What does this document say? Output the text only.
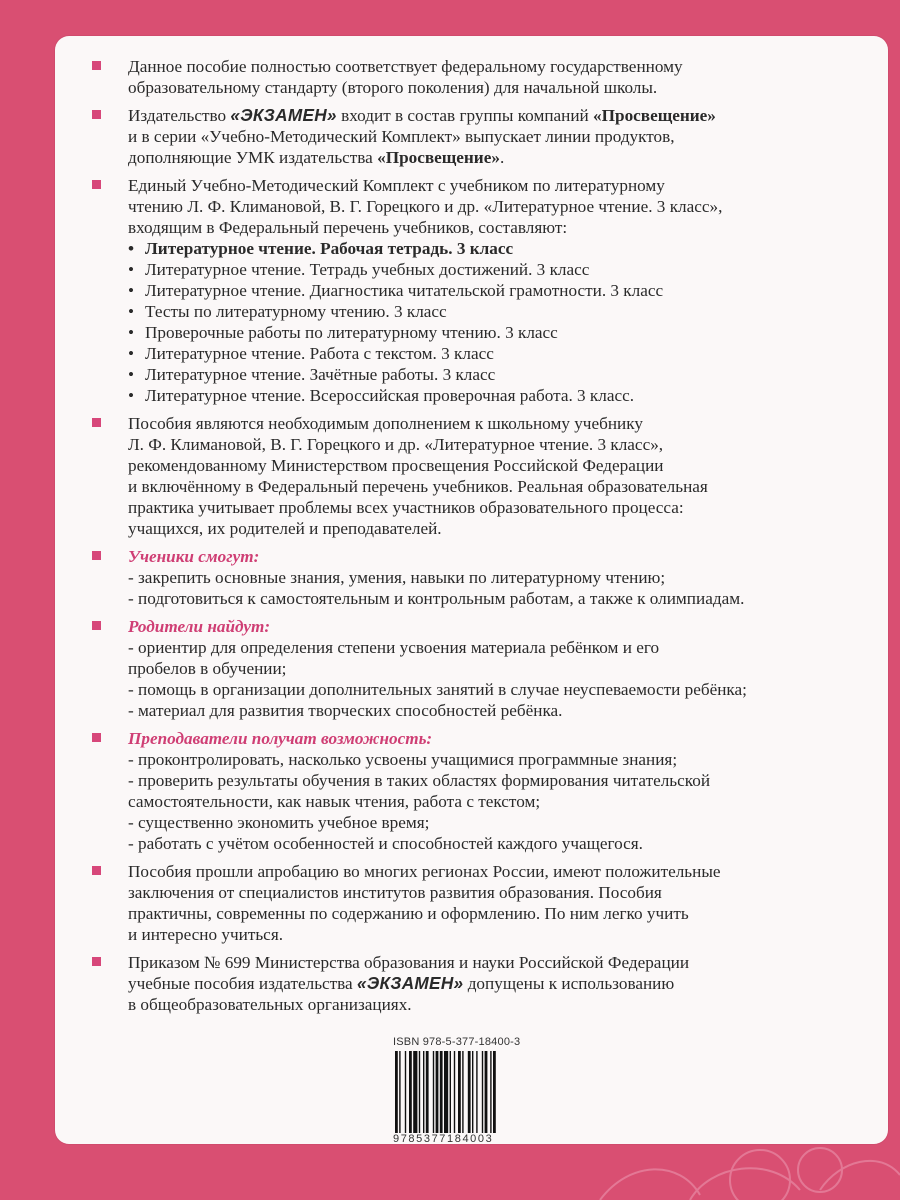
Данное пособие полностью соответствует федеральному государственному
образовательному стандарту (второго поколения) для начальной школы.
Издательство «ЭКЗАМЕН» входит в состав группы компаний «Просвещение»
и в серии «Учебно-Методический Комплект» выпускает линии продуктов,
дополняющие УМК издательства «Просвещение».
Единый Учебно-Методический Комплект с учебником по литературному
чтению Л. Ф. Климановой, В. Г. Горецкого и др. «Литературное чтение. 3 класс»,
входящим в Федеральный перечень учебников, составляют:
• Литературное чтение. Рабочая тетрадь. 3 класс
• Литературное чтение. Тетрадь учебных достижений. 3 класс
• Литературное чтение. Диагностика читательской грамотности. 3 класс
• Тесты по литературному чтению. 3 класс
• Проверочные работы по литературному чтению. 3 класс
• Литературное чтение. Работа с текстом. 3 класс
• Литературное чтение. Зачётные работы. 3 класс
• Литературное чтение. Всероссийская проверочная работа. 3 класс.
Пособия являются необходимым дополнением к школьному учебнику
Л. Ф. Климановой, В. Г. Горецкого и др. «Литературное чтение. 3 класс»,
рекомендованному Министерством просвещения Российской Федерации
и включённому в Федеральный перечень учебников. Реальная образовательная
практика учитывает проблемы всех участников образовательного процесса:
учащихся, их родителей и преподавателей.
Ученики смогут:
- закрепить основные знания, умения, навыки по литературному чтению;
- подготовиться к самостоятельным и контрольным работам, а также к олимпиадам.
Родители найдут:
- ориентир для определения степени усвоения материала ребёнком и его
пробелов в обучении;
- помощь в организации дополнительных занятий в случае неуспеваемости ребёнка;
- материал для развития творческих способностей ребёнка.
Преподаватели получат возможность:
- проконтролировать, насколько усвоены учащимися программные знания;
- проверить результаты обучения в таких областях формирования читательской
самостоятельности, как навык чтения, работа с текстом;
- существенно экономить учебное время;
- работать с учётом особенностей и способностей каждого учащегося.
Пособия прошли апробацию во многих регионах России, имеют положительные
заключения от специалистов институтов развития образования. Пособия
практичны, современны по содержанию и оформлению. По ним легко учить
и интересно учиться.
Приказом № 699 Министерства образования и науки Российской Федерации
учебные пособия издательства «ЭКЗАМЕН» допущены к использованию
в общеобразовательных организациях.
ISBN 978-5-377-18400-3
9785377184003
